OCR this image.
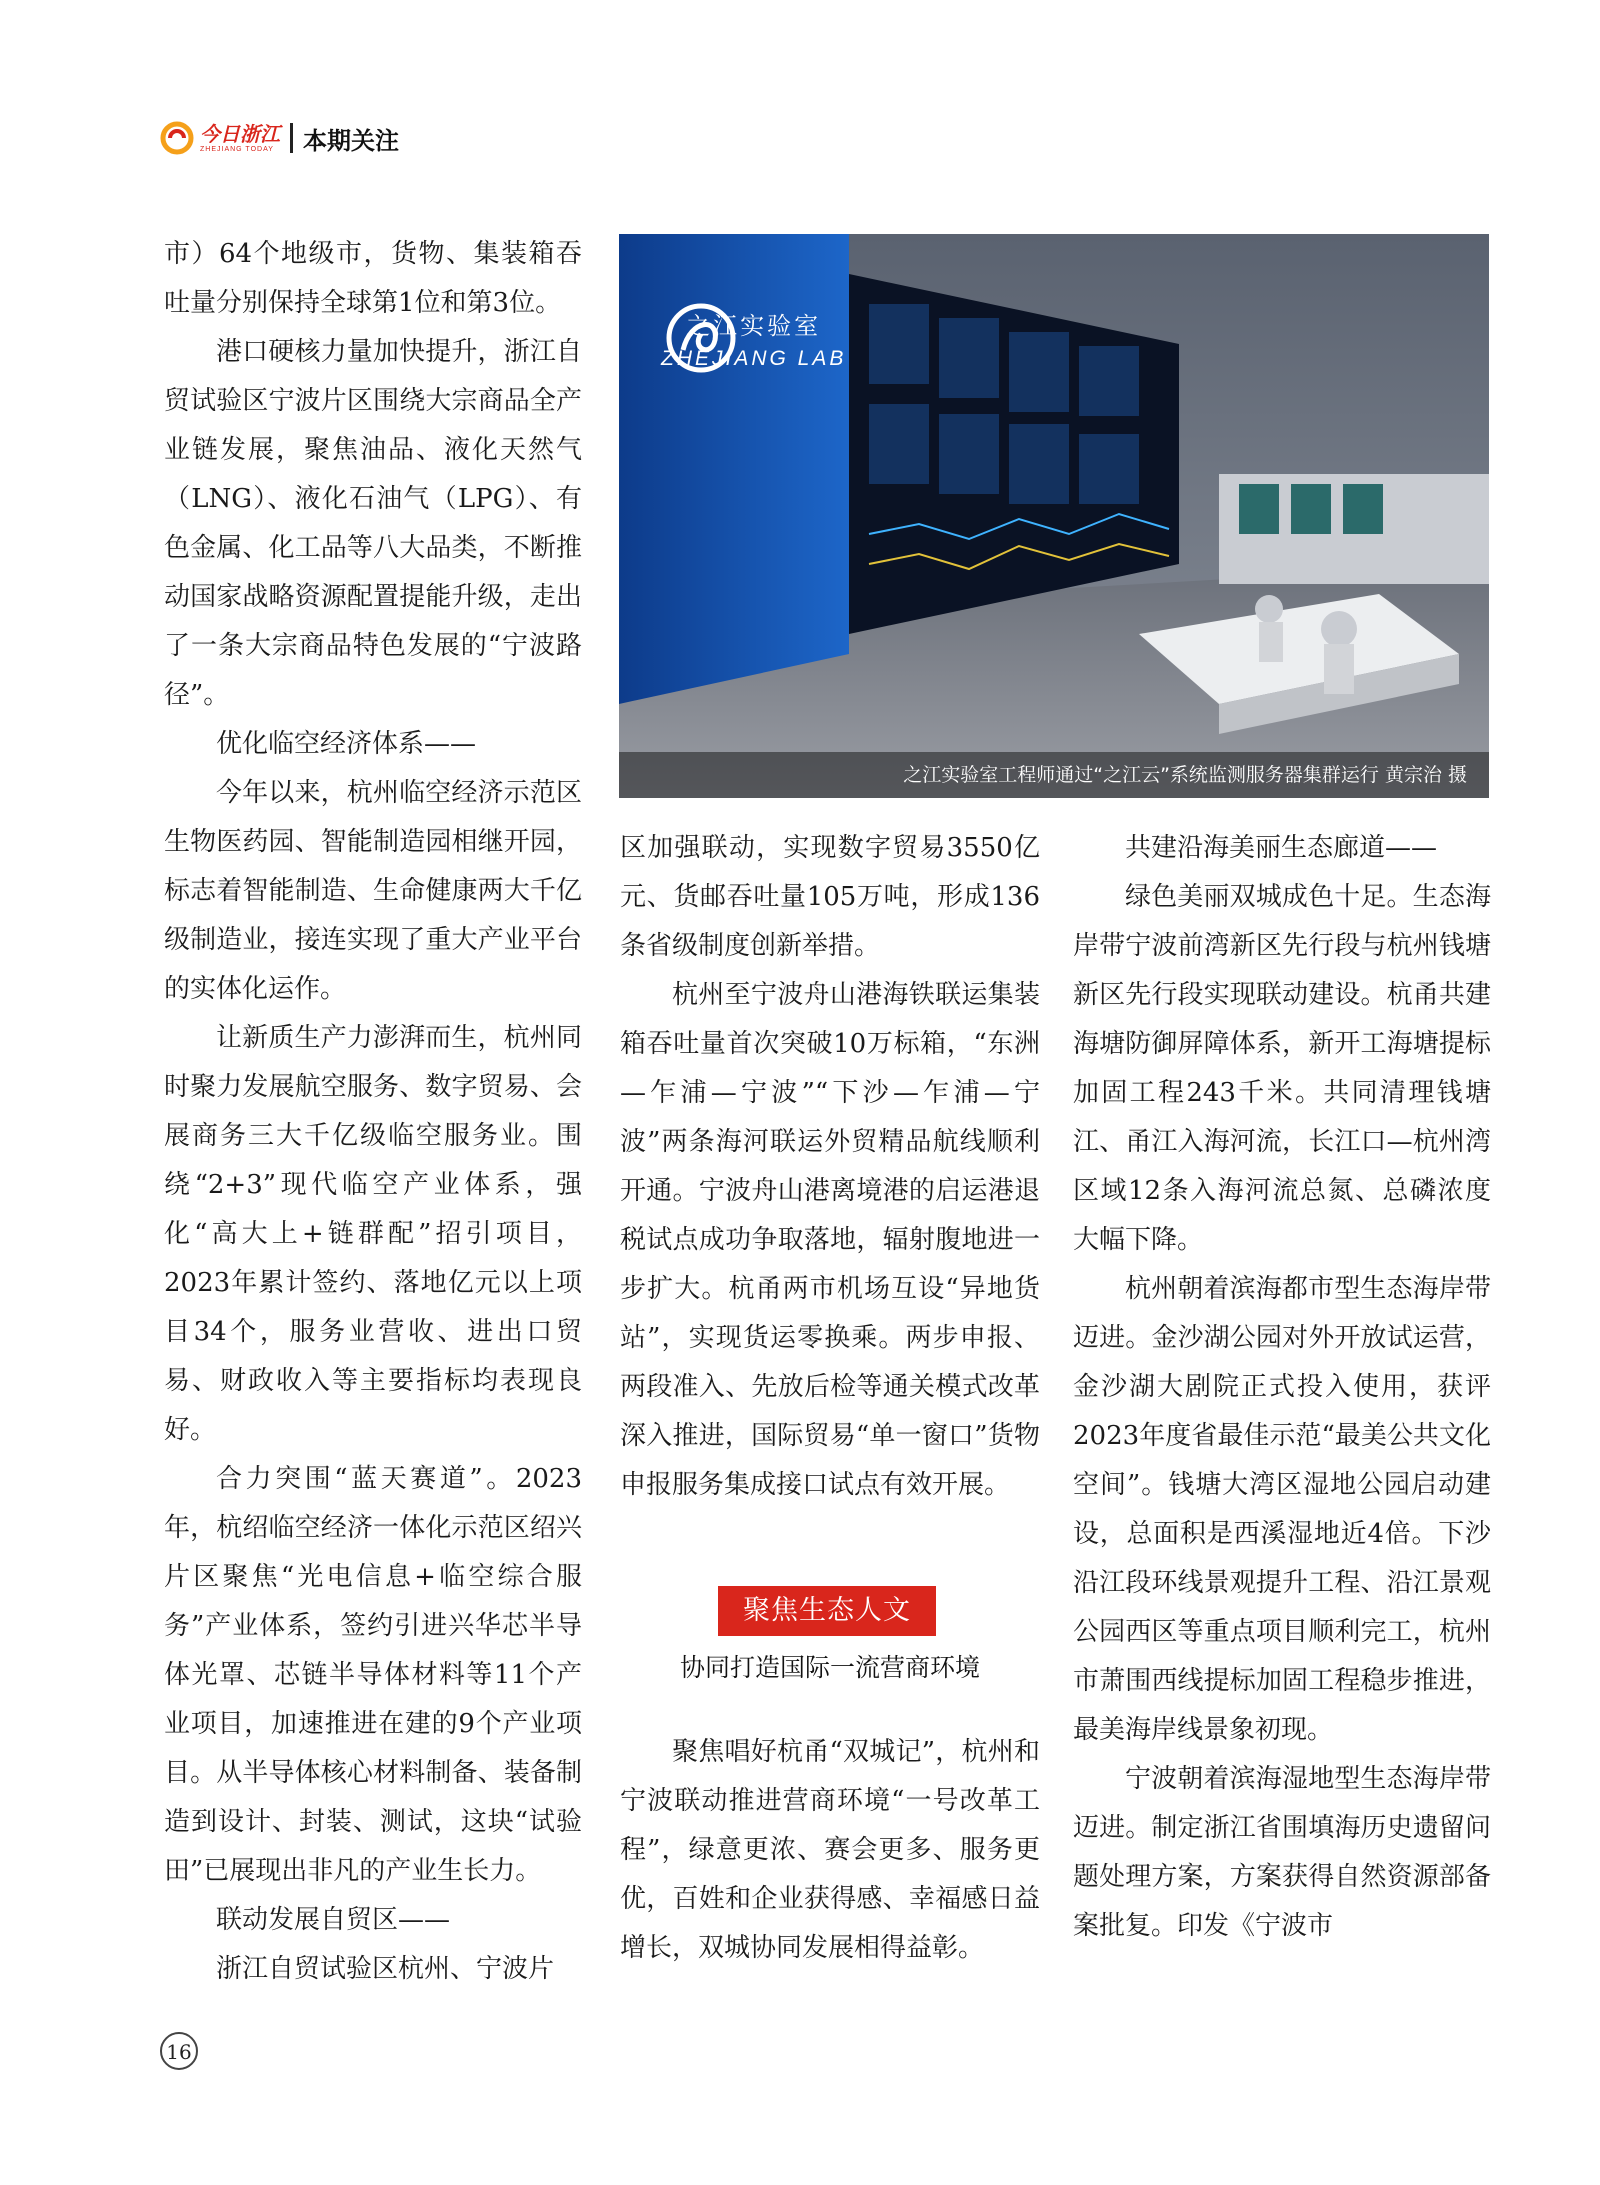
今日浙江
ZHEJIANG TODAY 本期关注

市）64个地级市，货物、集装箱吞吐量分别保持全球第1位和第3位。

港口硬核力量加快提升，浙江自贸试验区宁波片区围绕大宗商品全产业链发展，聚焦油品、液化天然气（LNG）、液化石油气（LPG）、有色金属、化工品等八大品类，不断推动国家战略资源配置提能升级，走出了一条大宗商品特色发展的“宁波路径”。

优化临空经济体系——

今年以来，杭州临空经济示范区生物医药园、智能制造园相继开园，标志着智能制造、生命健康两大千亿级制造业，接连实现了重大产业平台的实体化运作。

让新质生产力澎湃而生，杭州同时聚力发展航空服务、数字贸易、会展商务三大千亿级临空服务业。围绕“2+3”现代临空产业体系，强化“高大上+链群配”招引项目，2023年累计签约、落地亿元以上项目34个，服务业营收、进出口贸易、财政收入等主要指标均表现良好。

合力突围“蓝天赛道”。2023年，杭绍临空经济一体化示范区绍兴片区聚焦“光电信息+临空综合服务”产业体系，签约引进兴华芯半导体光罩、芯链半导体材料等11个产业项目，加速推进在建的9个产业项目。从半导体核心材料制备、装备制造到设计、封装、测试，这块“试验田”已展现出非凡的产业生长力。

联动发展自贸区——

浙江自贸试验区杭州、宁波片

之江实验室
ZHEJIANG LAB
之江实验室工程师通过“之江云”系统监测服务器集群运行 黄宗治 摄

区加强联动，实现数字贸易3550亿元、货邮吞吐量105万吨，形成136条省级制度创新举措。

杭州至宁波舟山港海铁联运集装箱吞吐量首次突破10万标箱，“东洲—乍浦—宁波”“下沙—乍浦—宁波”两条海河联运外贸精品航线顺利开通。宁波舟山港离境港的启运港退税试点成功争取落地，辐射腹地进一步扩大。杭甬两市机场互设“异地货站”，实现货运零换乘。两步申报、两段准入、先放后检等通关模式改革深入推进，国际贸易“单一窗口”货物申报服务集成接口试点有效开展。

聚焦生态人文
协同打造国际一流营商环境

聚焦唱好杭甬“双城记”，杭州和宁波联动推进营商环境“一号改革工程”，绿意更浓、赛会更多、服务更优，百姓和企业获得感、幸福感日益增长，双城协同发展相得益彰。

共建沿海美丽生态廊道——

绿色美丽双城成色十足。生态海岸带宁波前湾新区先行段与杭州钱塘新区先行段实现联动建设。杭甬共建海塘防御屏障体系，新开工海塘提标加固工程243千米。共同清理钱塘江、甬江入海河流，长江口—杭州湾区域12条入海河流总氮、总磷浓度大幅下降。

杭州朝着滨海都市型生态海岸带迈进。金沙湖公园对外开放试运营，金沙湖大剧院正式投入使用，获评2023年度省最佳示范“最美公共文化空间”。钱塘大湾区湿地公园启动建设，总面积是西溪湿地近4倍。下沙沿江段环线景观提升工程、沿江景观公园西区等重点项目顺利完工，杭州市萧围西线提标加固工程稳步推进，最美海岸线景象初现。

宁波朝着滨海湿地型生态海岸带迈进。制定浙江省围填海历史遗留问题处理方案，方案获得自然资源部备案批复。印发《宁波市

16
